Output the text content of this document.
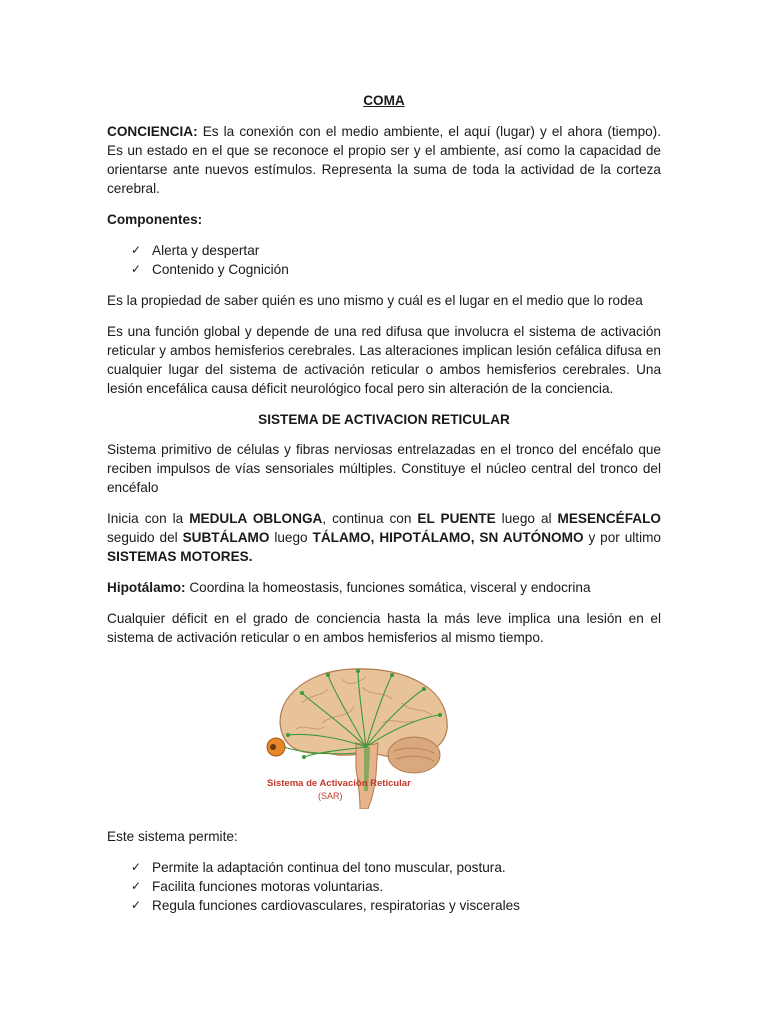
COMA

CONCIENCIA: Es la conexión con el medio ambiente, el aquí (lugar) y el ahora (tiempo). Es un estado en el que se reconoce el propio ser y el ambiente, así como la capacidad de orientarse ante nuevos estímulos. Representa la suma de toda la actividad de la corteza cerebral.

Componentes:

✓ Alerta y despertar
✓ Contenido y Cognición

Es la propiedad de saber quién es uno mismo y cuál es el lugar en el medio que lo rodea

Es una función global y depende de una red difusa que involucra el sistema de activación reticular y ambos hemisferios cerebrales. Las alteraciones implican lesión cefálica difusa en cualquier lugar del sistema de activación reticular o ambos hemisferios cerebrales. Una lesión encefálica causa déficit neurológico focal pero sin alteración de la conciencia.

SISTEMA DE ACTIVACION RETICULAR

Sistema primitivo de células y fibras nerviosas entrelazadas en el tronco del encéfalo que reciben impulsos de vías sensoriales múltiples. Constituye el núcleo central del tronco del encéfalo

Inicia con la MEDULA OBLONGA, continua con EL PUENTE luego al MESENCÉFALO seguido del SUBTÁLAMO luego TÁLAMO, HIPOTÁLAMO, SN AUTÓNOMO y por ultimo SISTEMAS MOTORES.

Hipotálamo: Coordina la homeostasis, funciones somática, visceral y endocrina

Cualquier déficit en el grado de conciencia hasta la más leve implica una lesión en el sistema de activación reticular o en ambos hemisferios al mismo tiempo.

Sistema de Activación Reticular
(SAR)

Este sistema permite:

✓ Permite la adaptación continua del tono muscular, postura.
✓ Facilita funciones motoras voluntarias.
✓ Regula funciones cardiovasculares, respiratorias y viscerales
